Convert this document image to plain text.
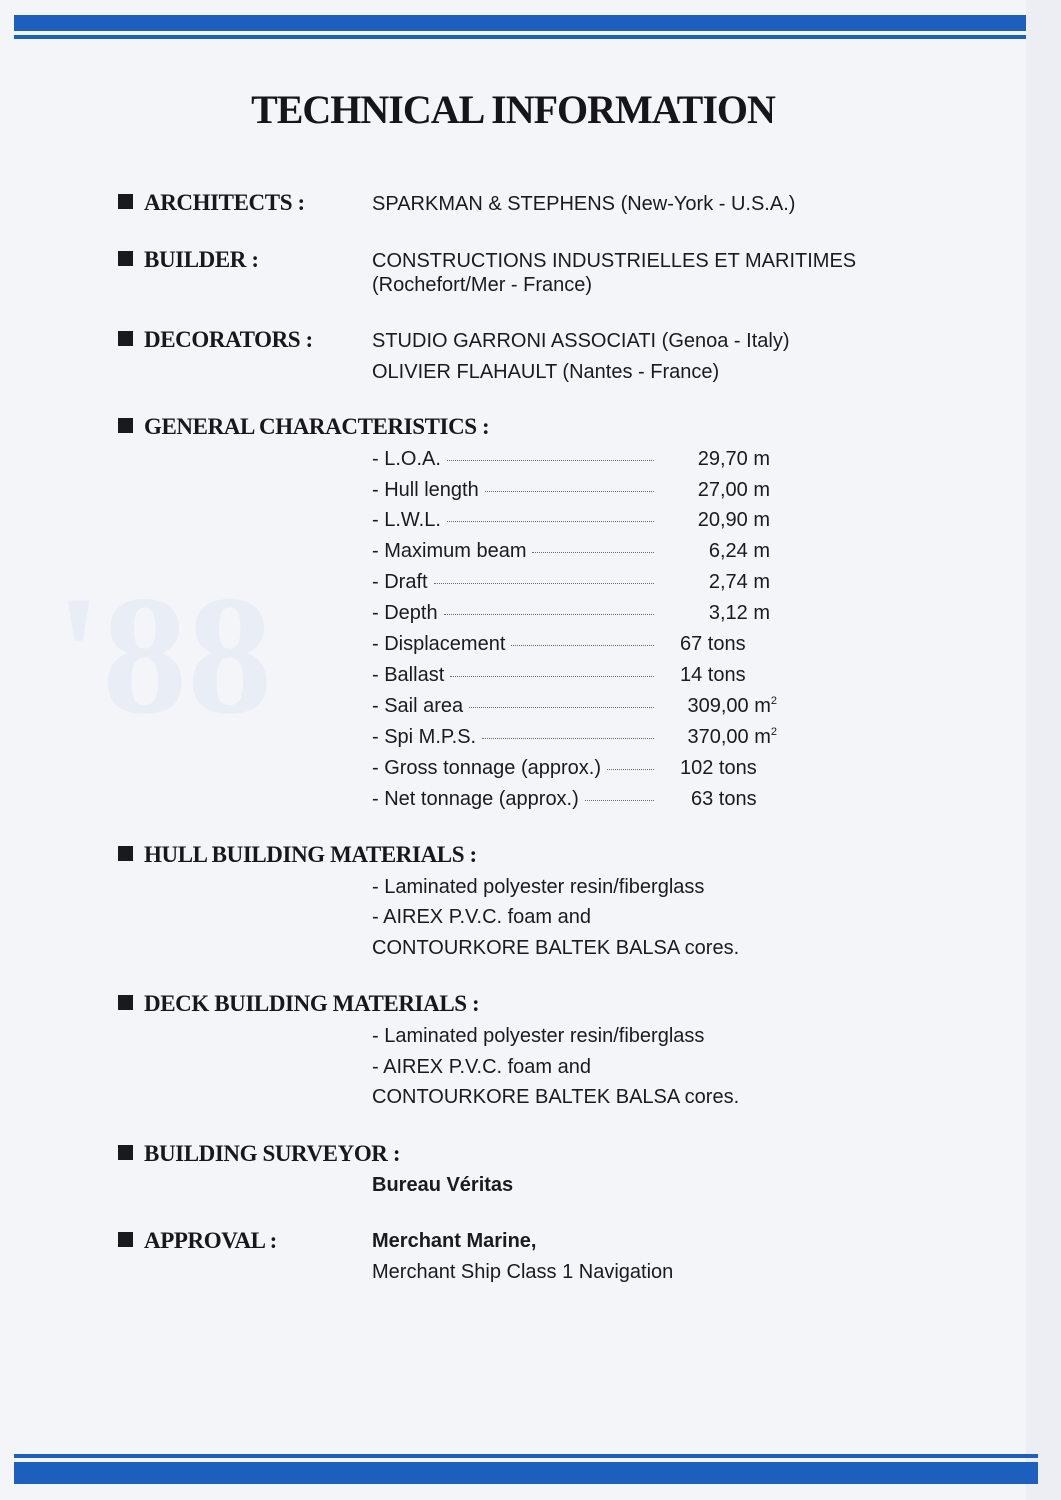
'88
TECHNICAL INFORMATION
ARCHITECTS :	SPARKMAN & STEPHENS (New-York - U.S.A.)
BUILDER :	CONSTRUCTIONS INDUSTRIELLES ET MARITIMES
(Rochefort/Mer - France)
DECORATORS :	STUDIO GARRONI ASSOCIATI (Genoa - Italy)
OLIVIER FLAHAULT (Nantes - France)
GENERAL CHARACTERISTICS :
- L.O.A.	29,70 m
- Hull length	27,00 m
- L.W.L.	20,90 m
- Maximum beam	6,24 m
- Draft	2,74 m
- Depth	3,12 m
- Displacement	67 tons
- Ballast	14 tons
- Sail area	309,00 $m^2$
- Spi M.P.S.	370,00 $m^2$
- Gross tonnage (approx.)	102 tons
- Net tonnage (approx.)	63 tons
HULL BUILDING MATERIALS :
- Laminated polyester resin/fiberglass
- AIREX P.V.C. foam and
CONTOURKORE BALTEK BALSA cores.
DECK BUILDING MATERIALS :
- Laminated polyester resin/fiberglass
- AIREX P.V.C. foam and
CONTOURKORE BALTEK BALSA cores.
BUILDING SURVEYOR :
Bureau Véritas
APPROVAL :	Merchant Marine,
Merchant Ship Class 1 Navigation
